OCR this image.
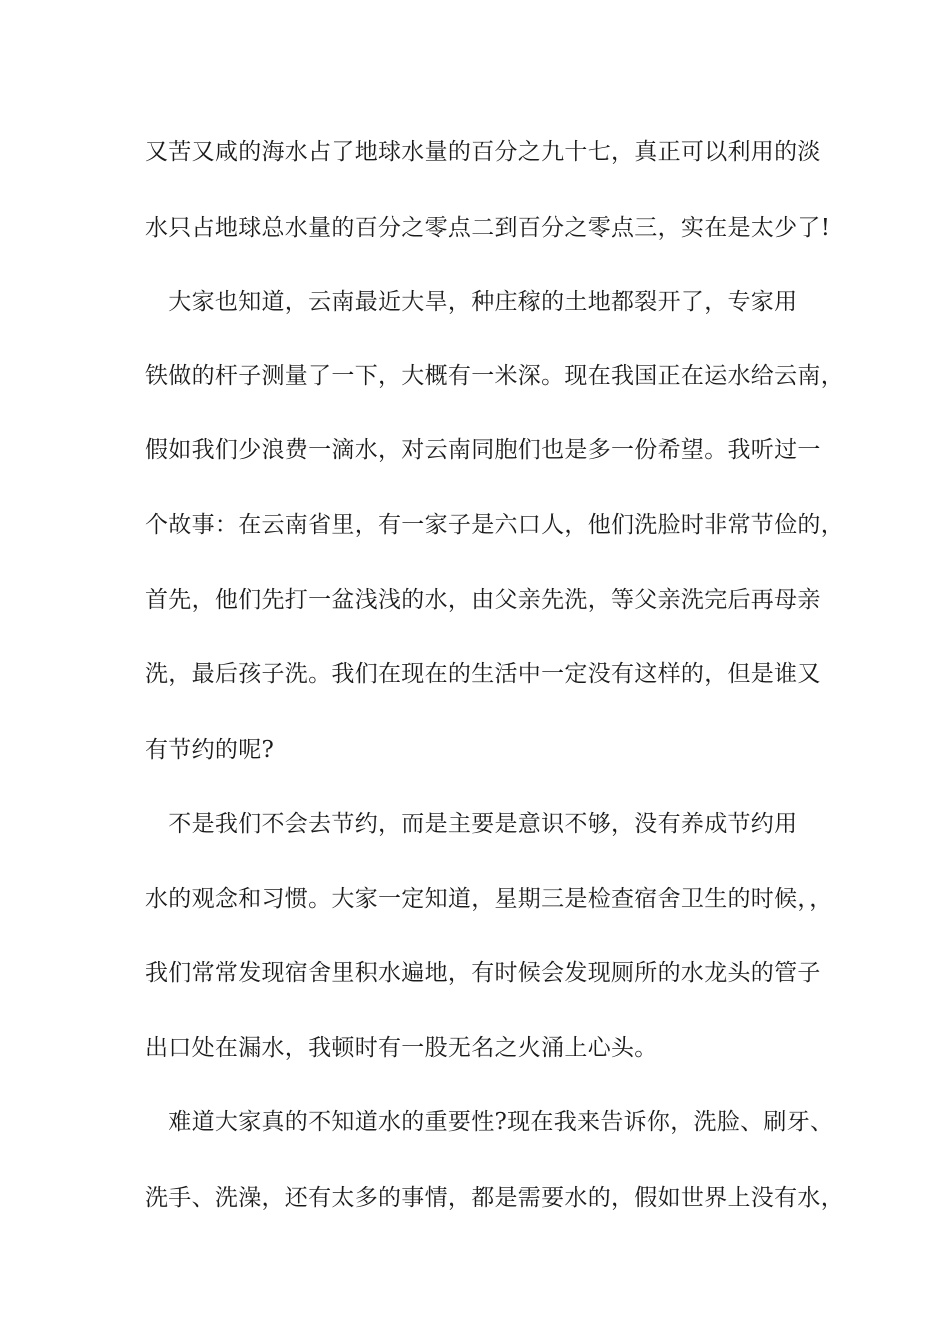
又苦又咸的海水占了地球水量的百分之九十七，真正可以利用的淡
水只占地球总水量的百分之零点二到百分之零点三，实在是太少了!
　大家也知道，云南最近大旱，种庄稼的土地都裂开了，专家用
铁做的杆子测量了一下，大概有一米深。现在我国正在运水给云南，
假如我们少浪费一滴水，对云南同胞们也是多一份希望。我听过一
个故事：在云南省里，有一家子是六口人，他们洗脸时非常节俭的，
首先，他们先打一盆浅浅的水，由父亲先洗，等父亲洗完后再母亲
洗，最后孩子洗。我们在现在的生活中一定没有这样的，但是谁又
有节约的呢?
　不是我们不会去节约，而是主要是意识不够，没有养成节约用
水的观念和习惯。大家一定知道，星期三是检查宿舍卫生的时候，，
我们常常发现宿舍里积水遍地，有时候会发现厕所的水龙头的管子
出口处在漏水，我顿时有一股无名之火涌上心头。
　难道大家真的不知道水的重要性?现在我来告诉你，洗脸、刷牙、
洗手、洗澡，还有太多的事情，都是需要水的，假如世界上没有水，
